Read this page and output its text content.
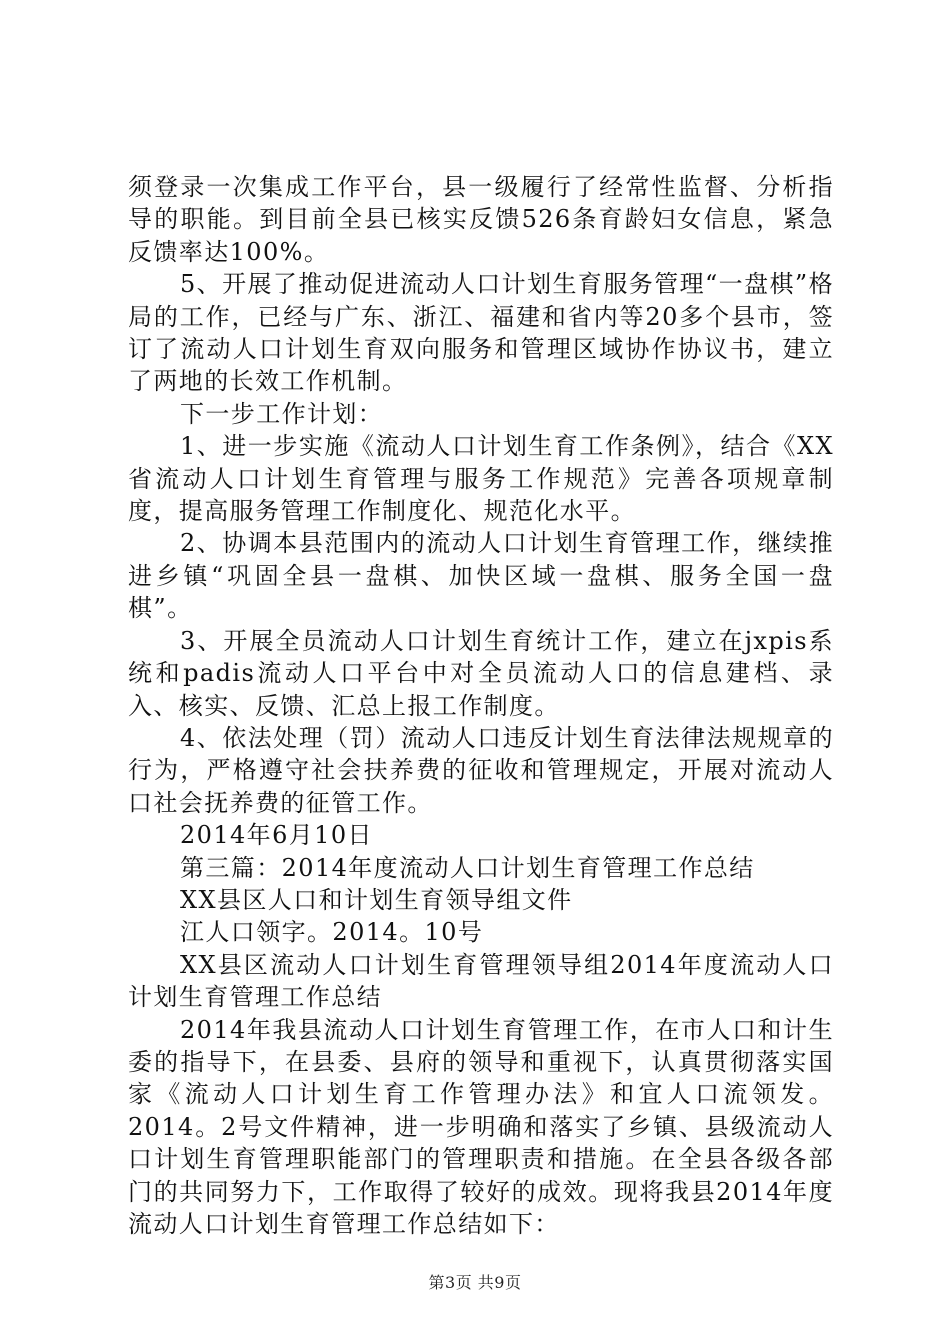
须登录一次集成工作平台，县一级履行了经常性监督、分析指导的职能。到目前全县已核实反馈526条育龄妇女信息，紧急反馈率达100%。

5、开展了推动促进流动人口计划生育服务管理“一盘棋”格局的工作，已经与广东、浙江、福建和省内等20多个县市，签订了流动人口计划生育双向服务和管理区域协作协议书，建立了两地的长效工作机制。

下一步工作计划：

1、进一步实施《流动人口计划生育工作条例》，结合《XX省流动人口计划生育管理与服务工作规范》完善各项规章制度，提高服务管理工作制度化、规范化水平。

2、协调本县范围内的流动人口计划生育管理工作，继续推进乡镇“巩固全县一盘棋、加快区域一盘棋、服务全国一盘棋”。

3、开展全员流动人口计划生育统计工作，建立在jxpis系统和padis流动人口平台中对全员流动人口的信息建档、录入、核实、反馈、汇总上报工作制度。

4、依法处理（罚）流动人口违反计划生育法律法规规章的行为，严格遵守社会扶养费的征收和管理规定，开展对流动人口社会抚养费的征管工作。

2014年6月10日

第三篇：2014年度流动人口计划生育管理工作总结

XX县区人口和计划生育领导组文件

江人口领字。2014。10号

XX县区流动人口计划生育管理领导组2014年度流动人口计划生育管理工作总结

2014年我县流动人口计划生育管理工作，在市人口和计生委的指导下，在县委、县府的领导和重视下，认真贯彻落实国家《流动人口计划生育工作管理办法》和宜人口流领发。2014。2号文件精神，进一步明确和落实了乡镇、县级流动人口计划生育管理职能部门的管理职责和措施。在全县各级各部门的共同努力下，工作取得了较好的成效。现将我县2014年度流动人口计划生育管理工作总结如下：

第3页 共9页
